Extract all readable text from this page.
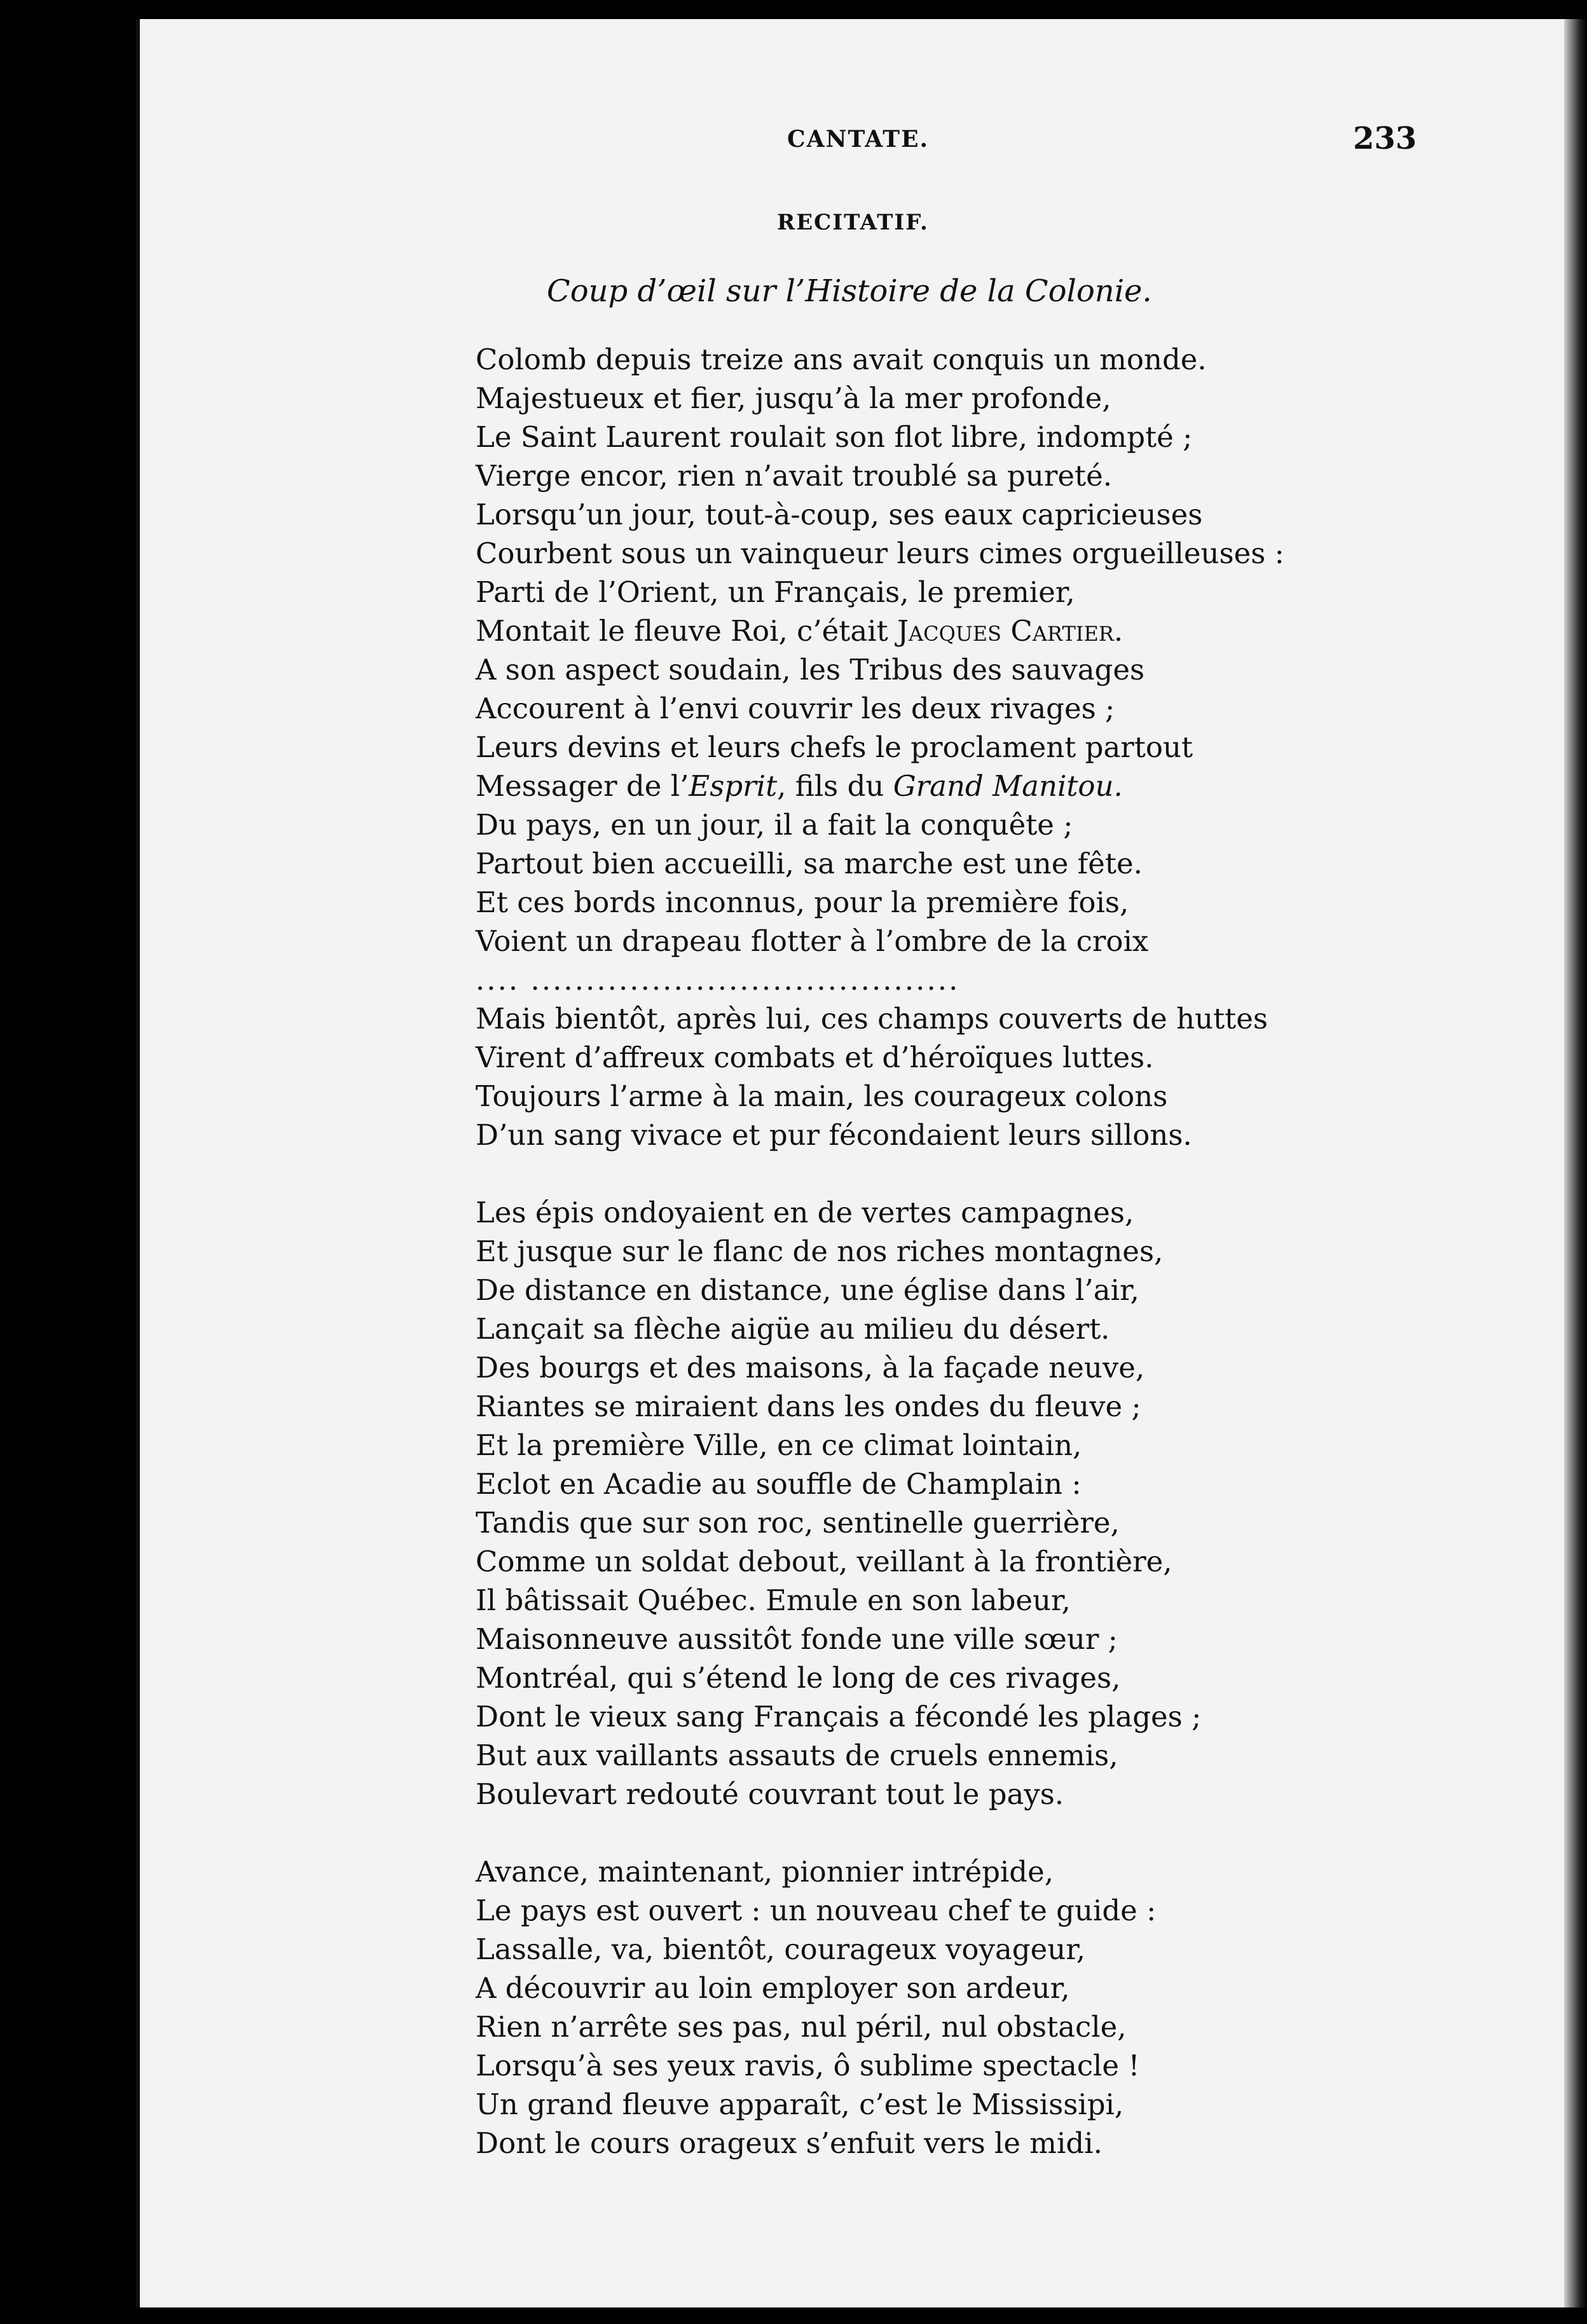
CANTATE.	233
RECITATIF.
Coup d’œil sur l’Histoire de la Colonie.
Colomb depuis treize ans avait conquis un monde.
Majestueux et fier, jusqu’à la mer profonde,
Le Saint Laurent roulait son flot libre, indompté ;
Vierge encor, rien n’avait troublé sa pureté.
Lorsqu’un jour, tout-à-coup, ses eaux capricieuses
Courbent sous un vainqueur leurs cimes orgueilleuses :
Parti de l’Orient, un Français, le premier,
Montait le fleuve Roi, c’était Jacques Cartier.
A son aspect soudain, les Tribus des sauvages
Accourent à l’envi couvrir les deux rivages ;
Leurs devins et leurs chefs le proclament partout
Messager de l’Esprit, fils du Grand Manitou.
Du pays, en un jour, il a fait la conquête ;
Partout bien accueilli, sa marche est une fête.
Et ces bords inconnus, pour la première fois,
Voient un drapeau flotter à l’ombre de la croix
.... .......................................
Mais bientôt, après lui, ces champs couverts de huttes
Virent d’affreux combats et d’héroïques luttes.
Toujours l’arme à la main, les courageux colons
D’un sang vivace et pur fécondaient leurs sillons.
Les épis ondoyaient en de vertes campagnes,
Et jusque sur le flanc de nos riches montagnes,
De distance en distance, une église dans l’air,
Lançait sa flèche aigüe au milieu du désert.
Des bourgs et des maisons, à la façade neuve,
Riantes se miraient dans les ondes du fleuve ;
Et la première Ville, en ce climat lointain,
Eclot en Acadie au souffle de Champlain :
Tandis que sur son roc, sentinelle guerrière,
Comme un soldat debout, veillant à la frontière,
Il bâtissait Québec. Emule en son labeur,
Maisonneuve aussitôt fonde une ville sœur ;
Montréal, qui s’étend le long de ces rivages,
Dont le vieux sang Français a fécondé les plages ;
But aux vaillants assauts de cruels ennemis,
Boulevart redouté couvrant tout le pays.
Avance, maintenant, pionnier intrépide,
Le pays est ouvert : un nouveau chef te guide :
Lassalle, va, bientôt, courageux voyageur,
A découvrir au loin employer son ardeur,
Rien n’arrête ses pas, nul péril, nul obstacle,
Lorsqu’à ses yeux ravis, ô sublime spectacle !
Un grand fleuve apparaît, c’est le Mississipi,
Dont le cours orageux s’enfuit vers le midi.
